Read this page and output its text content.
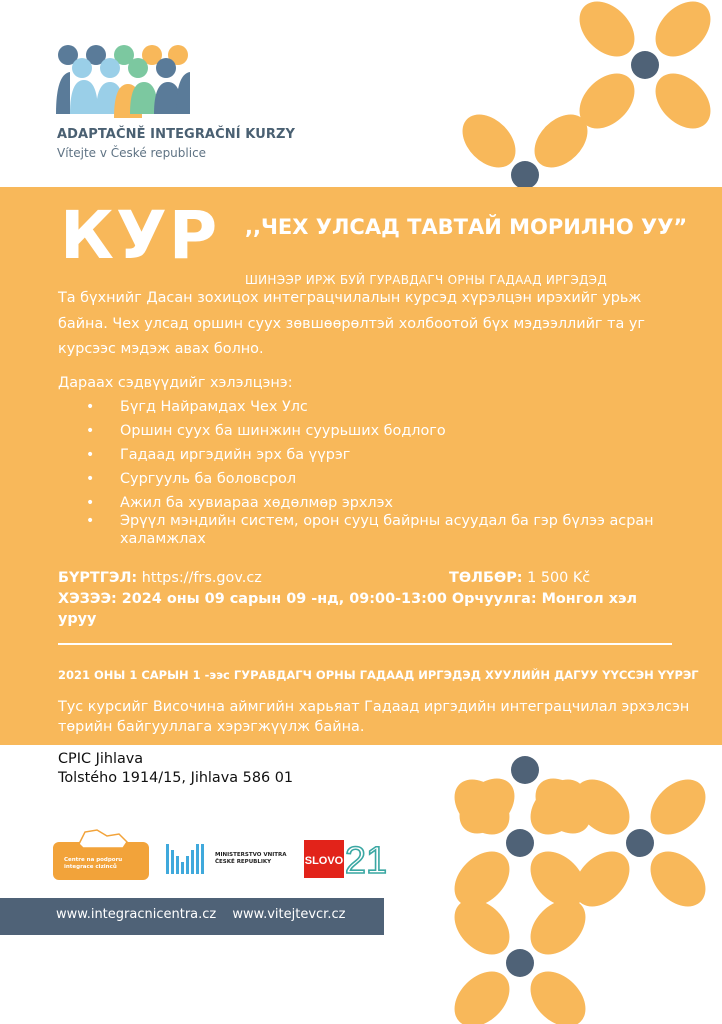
ADAPTAČNĚ INTEGRAČNÍ KURZY
Vítejte v České republice
КУР ,,ЧЕХ УЛСАД ТАВТАЙ МОРИЛНО УУ”
ШИНЭЭР ИРЖ БУЙ ГУРАВДАГЧ ОРНЫ ГАДААД ИРГЭДЭД
Та бүхнийг Дасан зохицох интеграцчилалын курсэд хүрэлцэн ирэхийг урьж байна. Чех улсад оршин суух зөвшөөрөлтэй холбоотой бүх мэдээллийг та уг курсээс мэдэж авах болно.
Дараах сэдвүүдийг хэлэлцэнэ:
• Бүгд Найрамдах Чех Улс
• Оршин суух ба шинжин суурьших бодлого
• Гадаад иргэдийн эрх ба үүрэг
• Сургууль ба боловсрол
• Ажил ба хувиараа хөдөлмөр эрхлэх
• Эрүүл мэндийн систем, орон сууц байрны асуудал ба гэр бүлээ асран халамжлах
БҮРТГЭЛ: https://frs.gov.cz	ТӨЛБӨР: 1 500 Kč
ХЭЗЭЭ: 2024 оны 09 сарын 09 -нд, 09:00-13:00 Орчуулга: Монгол хэл уруу
2021 ОНЫ 1 САРЫН 1 -ээс ГУРАВДАГЧ ОРНЫ ГАДААД ИРГЭДЭД ХУУЛИЙН ДАГУУ ҮҮССЭН ҮҮРЭГ
Тус курсийг Височина аймгийн харьяат Гадаад иргэдийн интеграцчилал эрхэлсэн төрийн байгууллага хэрэгжүүлж байна.
CPIC Jihlava
Tolstého 1914/15, Jihlava 586 01
Centre na podporu
integrace cizinců
MINISTERSTVO VNITRA
ČESKÉ REPUBLIKY	SLOVO 21
www.integracnicentra.cz www.vitejtevcr.cz
